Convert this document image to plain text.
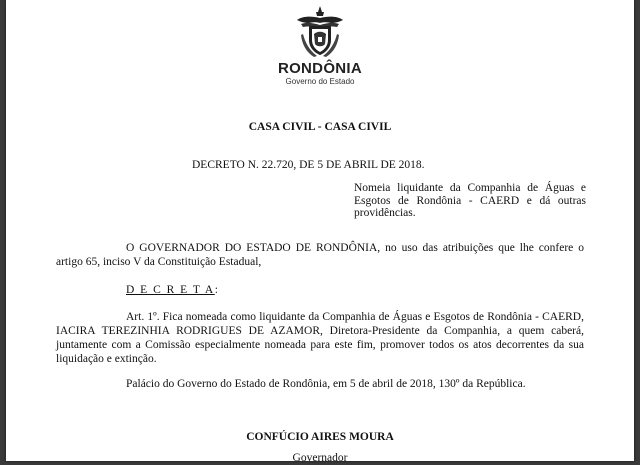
RONDÔNIA
Governo do Estado
CASA CIVIL - CASA CIVIL
DECRETO N. 22.720, DE 5 DE ABRIL DE 2018.
Nomeia liquidante da Companhia de Águas e Esgotos de Rondônia - CAERD e dá outras providências.
O GOVERNADOR DO ESTADO DE RONDÔNIA, no uso das atribuições que lhe confere o artigo 65, inciso V da Constituição Estadual,
D E C R E T A:
Art. 1º. Fica nomeada como liquidante da Companhia de Águas e Esgotos de Rondônia - CAERD, IACIRA TEREZINHIA RODRIGUES DE AZAMOR, Diretora-Presidente da Companhia, a quem caberá, juntamente com a Comissão especialmente nomeada para este fim, promover todos os atos decorrentes da sua liquidação e extinção.
Palácio do Governo do Estado de Rondônia, em 5 de abril de 2018, 130º da República.
CONFÚCIO AIRES MOURA
Governador
